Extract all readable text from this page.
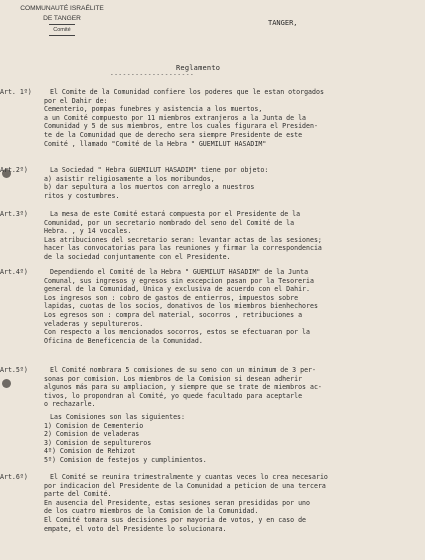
COMMUNAUTÉ ISRAÉLITE
DE TANGER
Comité
TANGER,
Reglamento
--------------------
Art. 1º)	El Comite de la Comunidad confiere los poderes que le estan otorgados
por el Dahir de:
Cementerio, pompas funebres y asistencia a los muertos,
a un Comité compuesto por 11 miembros extranjeros a la Junta de la
Comunidad y 5 de sus miembros, entre los cuales figurara el Presiden-
te de la Comunidad que de derecho sera siempre Presidente de este
Comité , llamado "Comité de la Hebra " GUEMILUT HASADIM"
Art.2º)	La Sociedad " Hebra GUEMILUT HASADIM" tiene por objeto:
a) asistir religiosamente a los moribundos,
b) dar sepultura a los muertos con arreglo a nuestros
ritos y costumbres.
Art.3º)	La mesa de este Comité estará compuesta por el Presidente de la
Comunidad, por un secretario nombrado del seno del Comité de la
Hebra. , y 14 vocales.
Las atribuciones del secretario seran: levantar actas de las sesiones;
hacer las convocatorias para las reuniones y firmar la correspondencia
de la sociedad conjuntamente con el Presidente.
Art.4º)	Dependiendo el Comité de la Hebra " GUEMILUT HASADIM" de la Junta
Comunal, sus ingresos y egresos sin excepcion pasan por la Tesoreria
general de la Comunidad, Unica y exclusiva de acuerdo con el Dahir.
Los ingresos son : cobro de gastos de entierros, impuestos sobre
lapidas, cuotas de los socios, donativos de los miembros bienhechores
Los egresos son : compra del material, socorros , retribuciones a
veladeras y sepultureros.
Con respecto a los mencionados socorros, estos se efectuaran por la
Oficina de Beneficencia de la Comunidad.
Art.5º)	El Comité nombrara 5 comisiones de su seno con un minimum de 3 per-
sonas por comision. Los miembros de la Comision si desean adherir
algunos más para su ampliacion, y siempre que se trate de miembros ac-
tivos, lo propondran al Comité, yo quede facultado para aceptarle
o rechazarle.
Las Comisiones son las siguientes:
1) Comision de Cementerio
2) Comision de veladeras
3) Comision de sepultureros
4º) Comision de Rehizot
5º) Comision de festejos y cumplimientos.
Art.6º)	El Comité se reunira trimestralmente y cuantas veces lo crea necesario
por indicacion del Presidente de la Comunidad a peticion de una tercera
parte del Comité.
En ausencia del Presidente, estas sesiones seran presididas por uno
de los cuatro miembros de la Comision de la Comunidad.
El Comité tomara sus decisiones por mayoria de votos, y en caso de
empate, el voto del Presidente lo solucionara.
